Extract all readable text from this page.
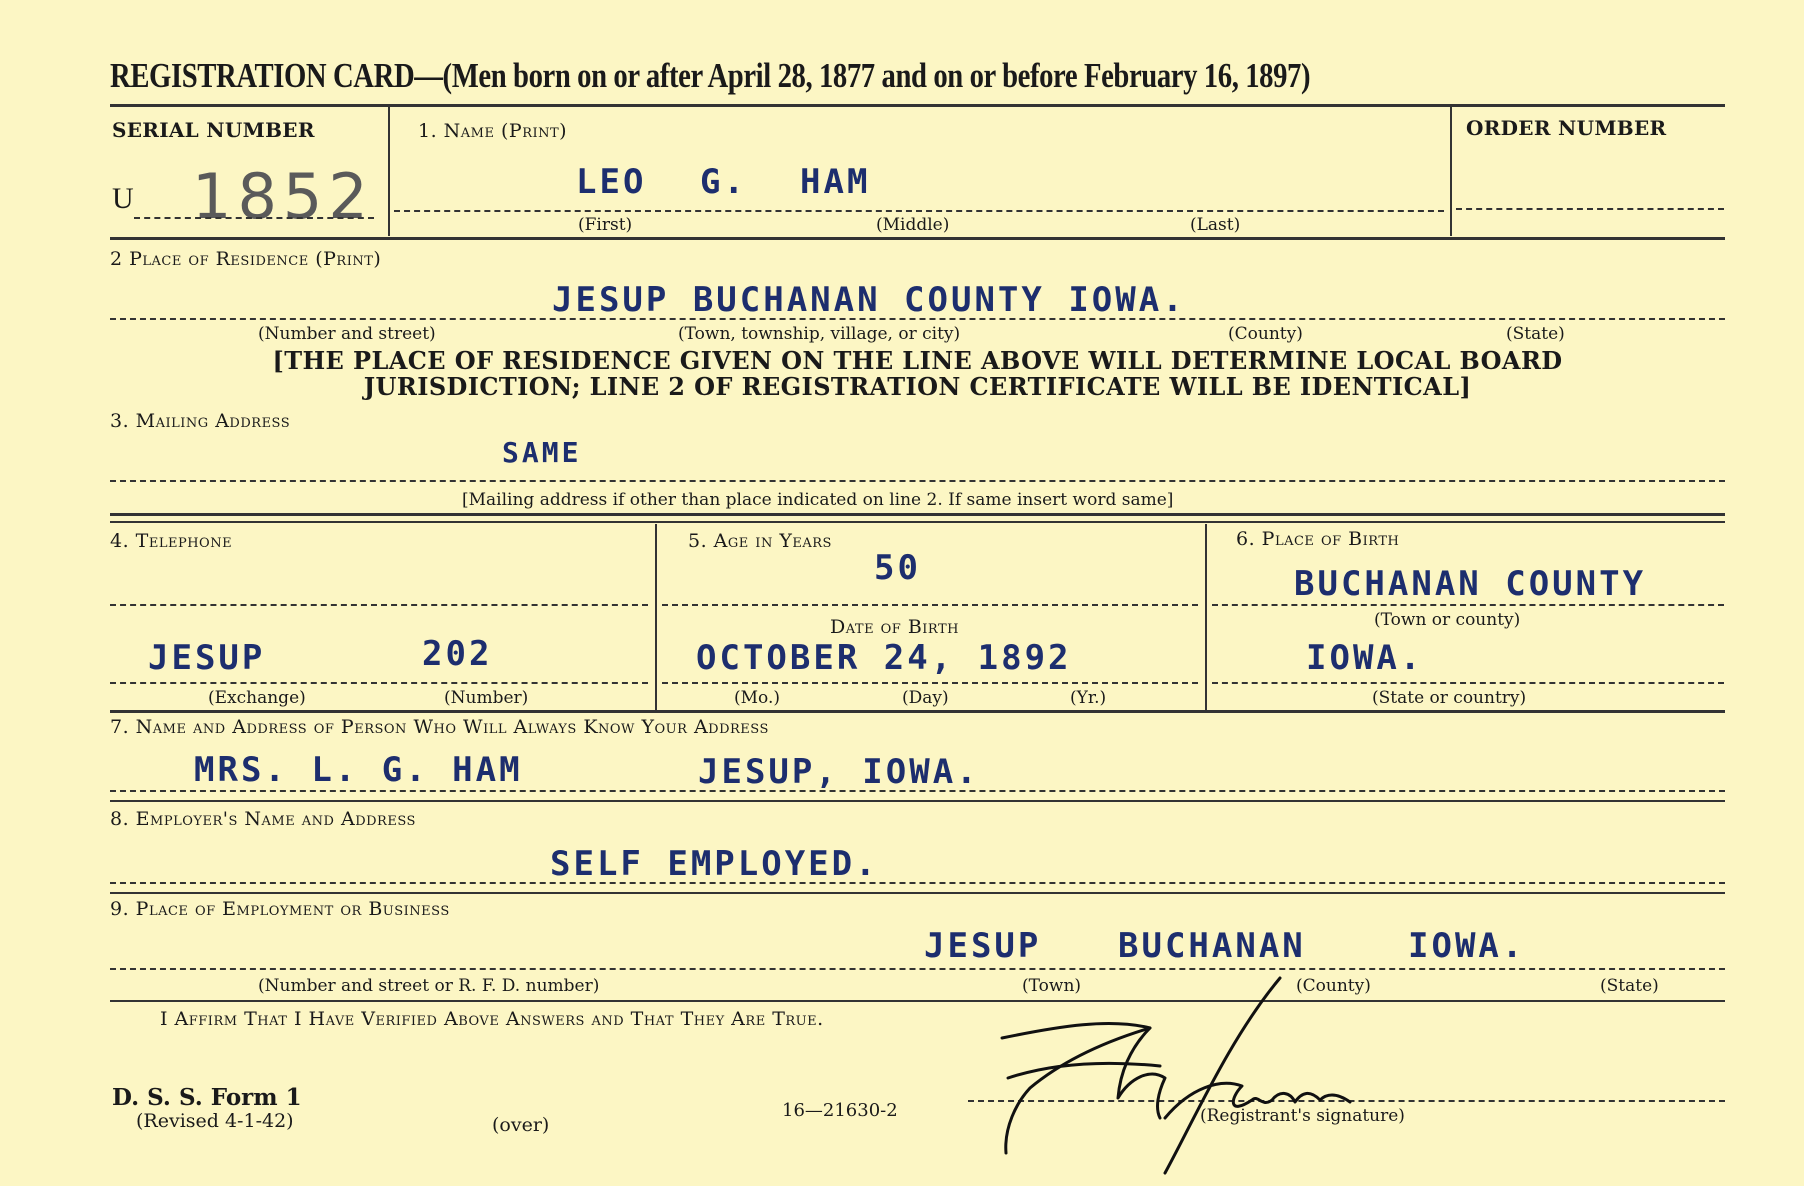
REGISTRATION CARD—(Men born on or after April 28, 1877 and on or before February 16, 1897)
SERIAL NUMBER
U 1852
1. Name (Print)
LEO G. HAM
(First)	(Middle)	(Last)
ORDER NUMBER
2 Place of Residence (Print)
JESUP BUCHANAN COUNTY IOWA.
(Number and street)	(Town, township, village, or city)	(County)	(State)
[THE PLACE OF RESIDENCE GIVEN ON THE LINE ABOVE WILL DETERMINE LOCAL BOARD
JURISDICTION; LINE 2 OF REGISTRATION CERTIFICATE WILL BE IDENTICAL]
3. Mailing Address
SAME
[Mailing address if other than place indicated on line 2. If same insert word same]
4. Telephone
JESUP	202
(Exchange)	(Number)
5. Age in Years
50
Date of Birth
OCTOBER 24, 1892
(Mo.)	(Day)	(Yr.)
6. Place of Birth
BUCHANAN COUNTY
(Town or county)
IOWA.
(State or country)
7. Name and Address of Person Who Will Always Know Your Address
MRS. L. G. HAM	JESUP, IOWA.
8. Employer's Name and Address
SELF EMPLOYED.
9. Place of Employment or Business
JESUP BUCHANAN	IOWA.
(Number and street or R. F. D. number)	(Town)	(County)	(State)
I Affirm That I Have Verified Above Answers and That They Are True.
D. S. S. Form 1
(Revised 4-1-42)	(over)
16—21630-2	(Registrant's signature)
